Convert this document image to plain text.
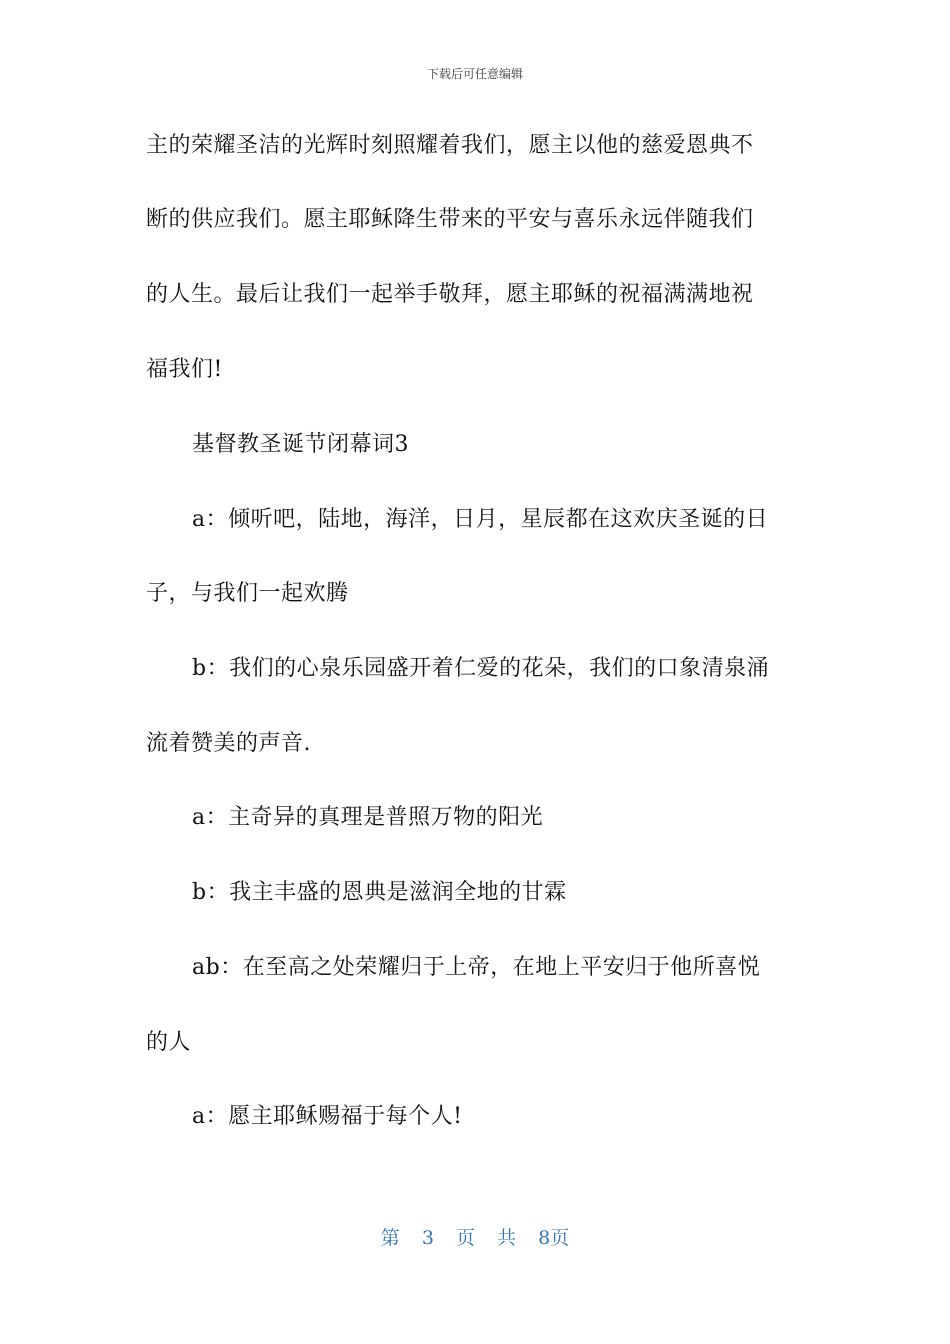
下载后可任意编辑
主的荣耀圣洁的光辉时刻照耀着我们，愿主以他的慈爱恩典不
断的供应我们。愿主耶稣降生带来的平安与喜乐永远伴随我们
的人生。最后让我们一起举手敬拜，愿主耶稣的祝福满满地祝
福我们!
基督教圣诞节闭幕词3
a：倾听吧，陆地，海洋，日月，星辰都在这欢庆圣诞的日
子，与我们一起欢腾
b：我们的心泉乐园盛开着仁爱的花朵，我们的口象清泉涌
流着赞美的声音.
a：主奇异的真理是普照万物的阳光
b：我主丰盛的恩典是滋润全地的甘霖
ab：在至高之处荣耀归于上帝，在地上平安归于他所喜悦
的人
a：愿主耶稣赐福于每个人!
第 3 页 共 8页
